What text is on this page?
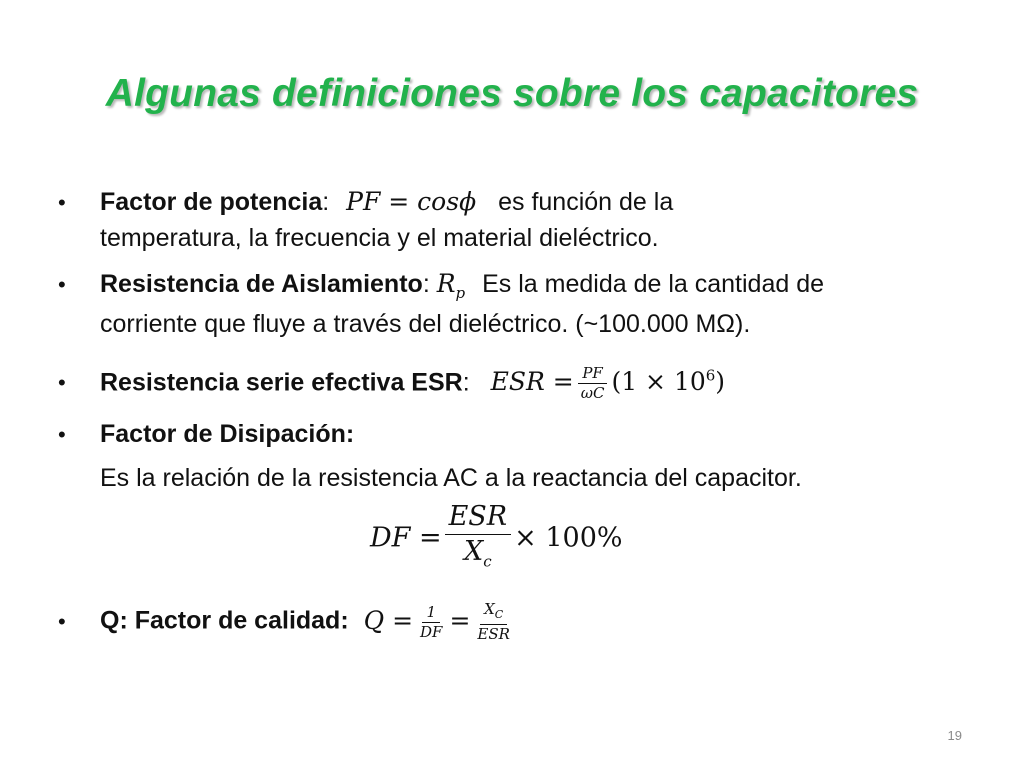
Algunas definiciones sobre los capacitores
• Factor de potencia: PF = cosϕ es función de la
temperatura, la frecuencia y el material dieléctrico.
• Resistencia de Aislamiento: $R_p$ Es la medida de la cantidad de
corriente que fluye a través del dieléctrico. (~100.000 MΩ).
• Resistencia serie efectiva ESR: ESR = $\frac{PF}{\omega C} (1 \times 10^6)$
• Factor de Disipación:
Es la relación de la resistencia AC a la reactancia del capacitor.
DF = $\frac{\text{ESR}}{X_c} \times 100\%$
• Q: Factor de calidad: $Q = \frac{1}{DF} = \frac{X_C}{\text{ESR}}$
19
